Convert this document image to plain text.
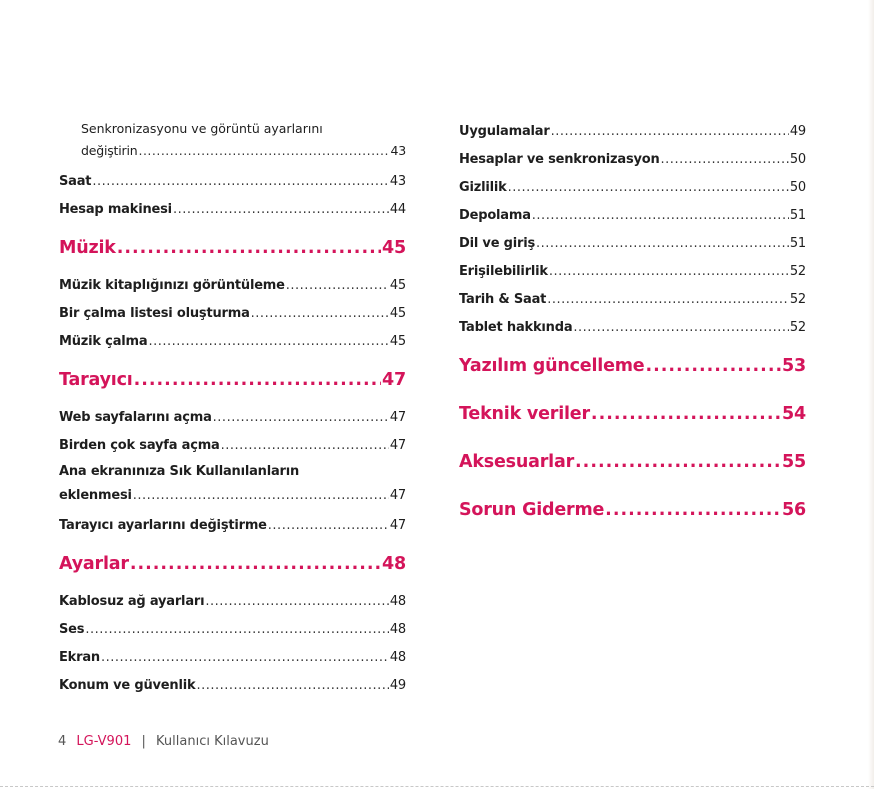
Senkronizasyonu ve görüntü ayarlarını
değiştirin .....	43
Saat .....	43
Hesap makinesi .....	44
Müzik .....	45
Müzik kitaplığınızı görüntüleme .....	45
Bir çalma listesi oluşturma .....	45
Müzik çalma .....	45
Tarayıcı .....	47
Web sayfalarını açma .....	47
Birden çok sayfa açma .....	47
Ana ekranınıza Sık Kullanılanların
eklenmesi .....	47
Tarayıcı ayarlarını değiştirme .....	47
Ayarlar .....	48
Kablosuz ağ ayarları .....	48
Ses .....	48
Ekran .....	48
Konum ve güvenlik .....	49
Uygulamalar .....	49
Hesaplar ve senkronizasyon .....	50
Gizlilik .....	50
Depolama .....	51
Dil ve giriş .....	51
Erişilebilirlik .....	52
Tarih & Saat .....	52
Tablet hakkında .....	52
Yazılım güncelleme .....	53
Teknik veriler .....	54
Aksesuarlar .....	55
Sorun Giderme .....	56
4 LG-V901 | Kullanıcı Kılavuzu
